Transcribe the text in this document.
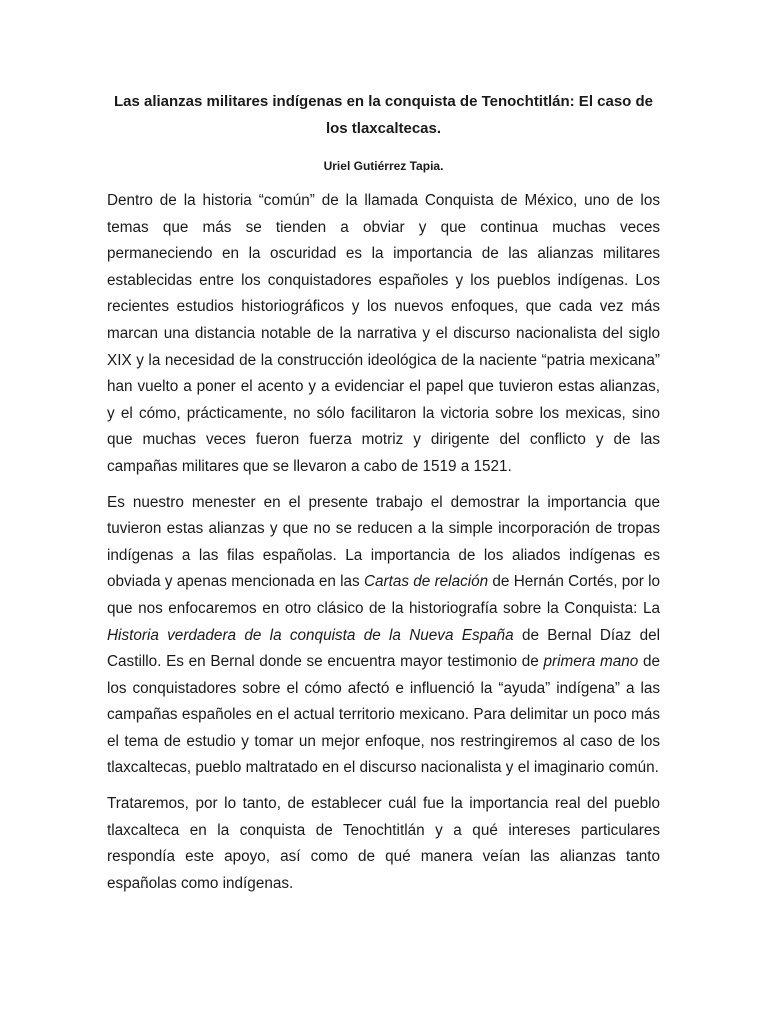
Las alianzas militares indígenas en la conquista de Tenochtitlán: El caso de los tlaxcaltecas.

Uriel Gutiérrez Tapia.

Dentro de la historia “común” de la llamada Conquista de México, uno de los temas que más se tienden a obviar y que continua muchas veces permaneciendo en la oscuridad es la importancia de las alianzas militares establecidas entre los conquistadores españoles y los pueblos indígenas. Los recientes estudios historiográficos y los nuevos enfoques, que cada vez más marcan una distancia notable de la narrativa y el discurso nacionalista del siglo XIX y la necesidad de la construcción ideológica de la naciente “patria mexicana” han vuelto a poner el acento y a evidenciar el papel que tuvieron estas alianzas, y el cómo, prácticamente, no sólo facilitaron la victoria sobre los mexicas, sino que muchas veces fueron fuerza motriz y dirigente del conflicto y de las campañas militares que se llevaron a cabo de 1519 a 1521.

Es nuestro menester en el presente trabajo el demostrar la importancia que tuvieron estas alianzas y que no se reducen a la simple incorporación de tropas indígenas a las filas españolas. La importancia de los aliados indígenas es obviada y apenas mencionada en las Cartas de relación de Hernán Cortés, por lo que nos enfocaremos en otro clásico de la historiografía sobre la Conquista: La Historia verdadera de la conquista de la Nueva España de Bernal Díaz del Castillo. Es en Bernal donde se encuentra mayor testimonio de primera mano de los conquistadores sobre el cómo afectó e influenció la “ayuda” indígena” a las campañas españoles en el actual territorio mexicano. Para delimitar un poco más el tema de estudio y tomar un mejor enfoque, nos restringiremos al caso de los tlaxcaltecas, pueblo maltratado en el discurso nacionalista y el imaginario común.

Trataremos, por lo tanto, de establecer cuál fue la importancia real del pueblo tlaxcalteca en la conquista de Tenochtitlán y a qué intereses particulares respondía este apoyo, así como de qué manera veían las alianzas tanto españolas como indígenas.
